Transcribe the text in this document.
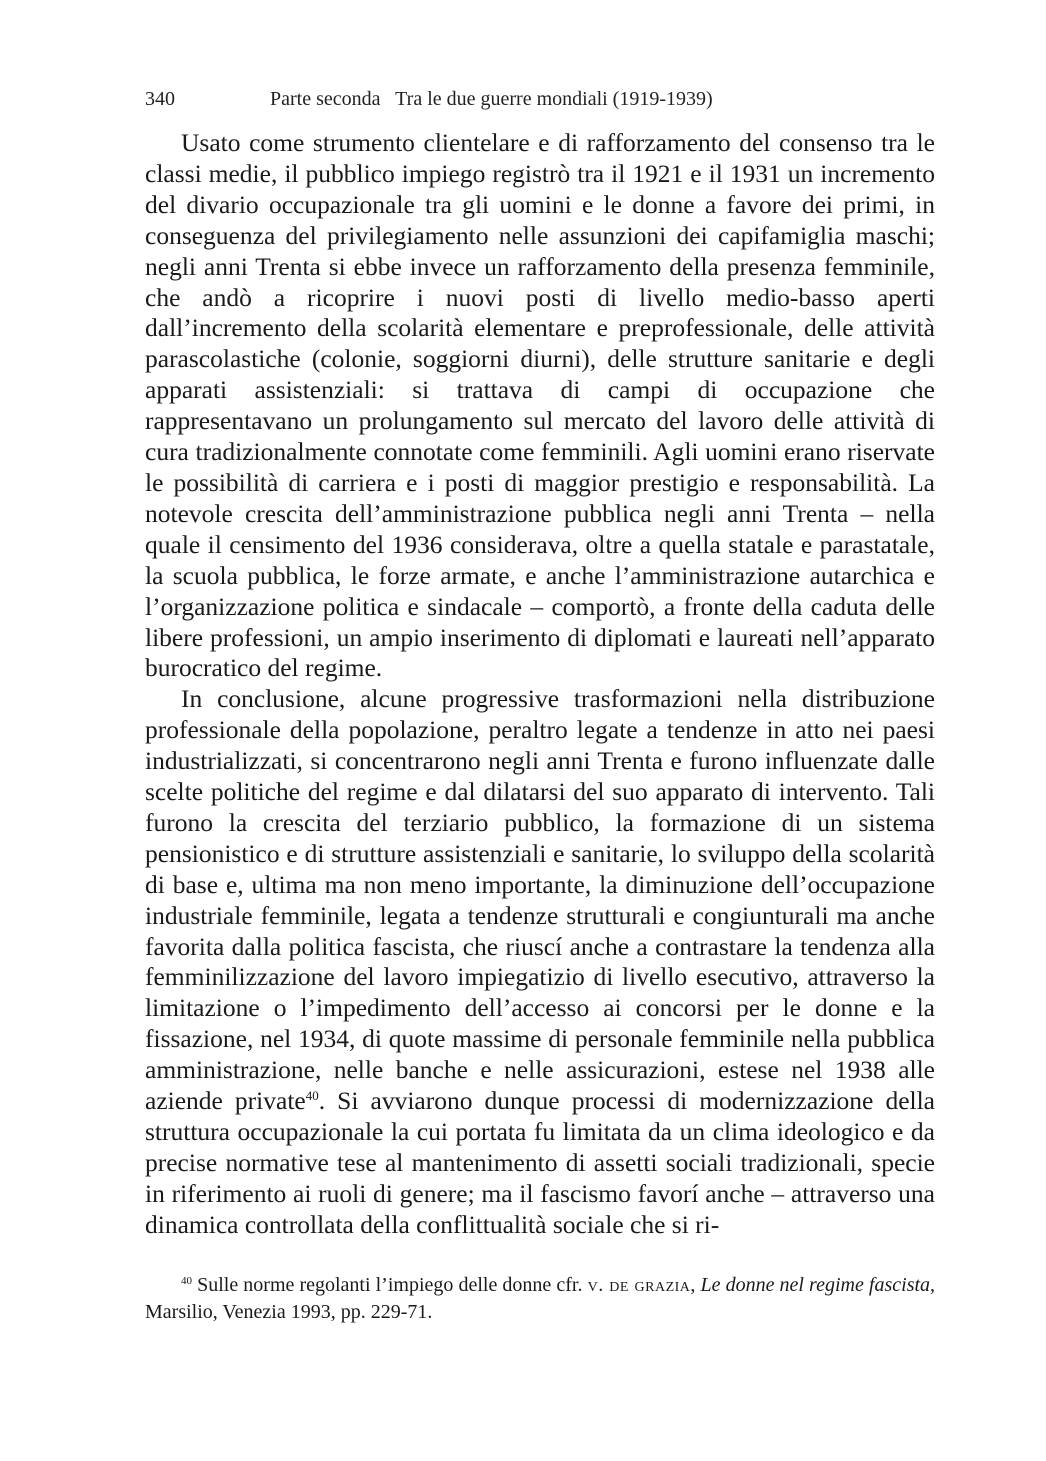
340	Parte seconda   Tra le due guerre mondiali (1919-1939)

Usato come strumento clientelare e di rafforzamento del consenso tra le classi medie, il pubblico impiego registrò tra il 1921 e il 1931 un incremento del divario occupazionale tra gli uomini e le donne a favore dei primi, in conseguenza del privilegiamento nelle assunzioni dei capifamiglia maschi; negli anni Trenta si ebbe invece un rafforzamento della presenza femminile, che andò a ricoprire i nuovi posti di livello medio-basso aperti dall’incremento della scolarità elementare e preprofessionale, delle attività parascolastiche (colonie, soggiorni diurni), delle strutture sanitarie e degli apparati assistenziali: si trattava di campi di occupazione che rappresentavano un prolungamento sul mercato del lavoro delle attività di cura tradizionalmente connotate come femminili. Agli uomini erano riservate le possibilità di carriera e i posti di maggior prestigio e responsabilità. La notevole crescita dell’amministrazione pubblica negli anni Trenta – nella quale il censimento del 1936 considerava, oltre a quella statale e parastatale, la scuola pubblica, le forze armate, e anche l’amministrazione autarchica e l’organizzazione politica e sindacale – comportò, a fronte della caduta delle libere professioni, un ampio inserimento di diplomati e laureati nell’apparato burocratico del regime.

In conclusione, alcune progressive trasformazioni nella distribuzione professionale della popolazione, peraltro legate a tendenze in atto nei paesi industrializzati, si concentrarono negli anni Trenta e furono influenzate dalle scelte politiche del regime e dal dilatarsi del suo apparato di intervento. Tali furono la crescita del terziario pubblico, la formazione di un sistema pensionistico e di strutture assistenziali e sanitarie, lo sviluppo della scolarità di base e, ultima ma non meno importante, la diminuzione dell’occupazione industriale femminile, legata a tendenze strutturali e congiunturali ma anche favorita dalla politica fascista, che riuscí anche a contrastare la tendenza alla femminilizzazione del lavoro impiegatizio di livello esecutivo, attraverso la limitazione o l’impedimento dell’accesso ai concorsi per le donne e la fissazione, nel 1934, di quote massime di personale femminile nella pubblica amministrazione, nelle banche e nelle assicurazioni, estese nel 1938 alle aziende private$^{40}$. Si avviarono dunque processi di modernizzazione della struttura occupazionale la cui portata fu limitata da un clima ideologico e da precise normative tese al mantenimento di assetti sociali tradizionali, specie in riferimento ai ruoli di genere; ma il fascismo favorí anche – attraverso una dinamica controllata della conflittualità sociale che si ri-

$^{40}$ Sulle norme regolanti l’impiego delle donne cfr. v. de grazia, Le donne nel regime fascista, Marsilio, Venezia 1993, pp. 229-71.
